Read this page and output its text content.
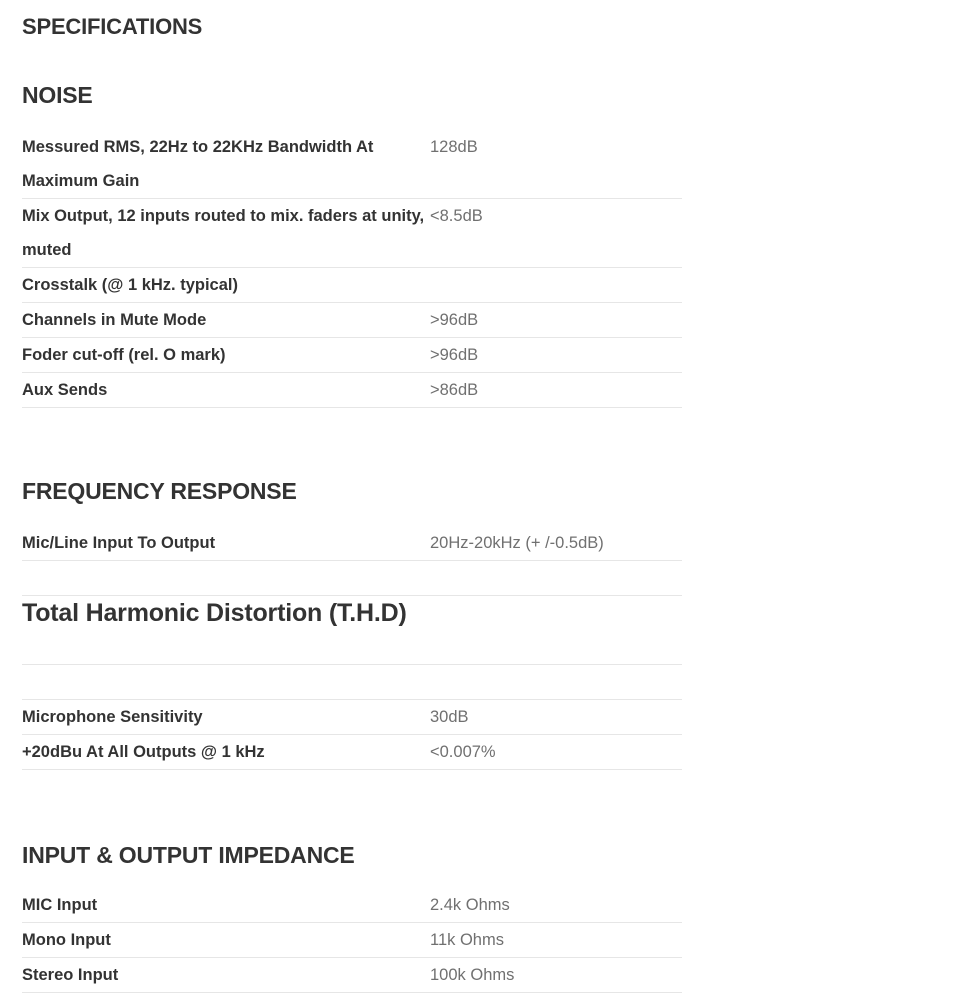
SPECIFICATIONS
NOISE
Messured RMS, 22Hz to 22KHz Bandwidth At Maximum Gain	128dB
Mix Output, 12 inputs routed to mix. faders at unity, muted	<8.5dB
Crosstalk (@ 1 kHz. typical)	
Channels in Mute Mode	>96dB
Foder cut-off (rel. O mark)	>96dB
Aux Sends	>86dB
FREQUENCY RESPONSE
Mic/Line Input To Output	20Hz-20kHz (+ /-0.5dB)
Total Harmonic Distortion (T.H.D)
Microphone Sensitivity	30dB
+20dBu At All Outputs @ 1 kHz	<0.007%
INPUT & OUTPUT IMPEDANCE
MIC Input	2.4k Ohms
Mono Input	11k Ohms
Stereo Input	100k Ohms
